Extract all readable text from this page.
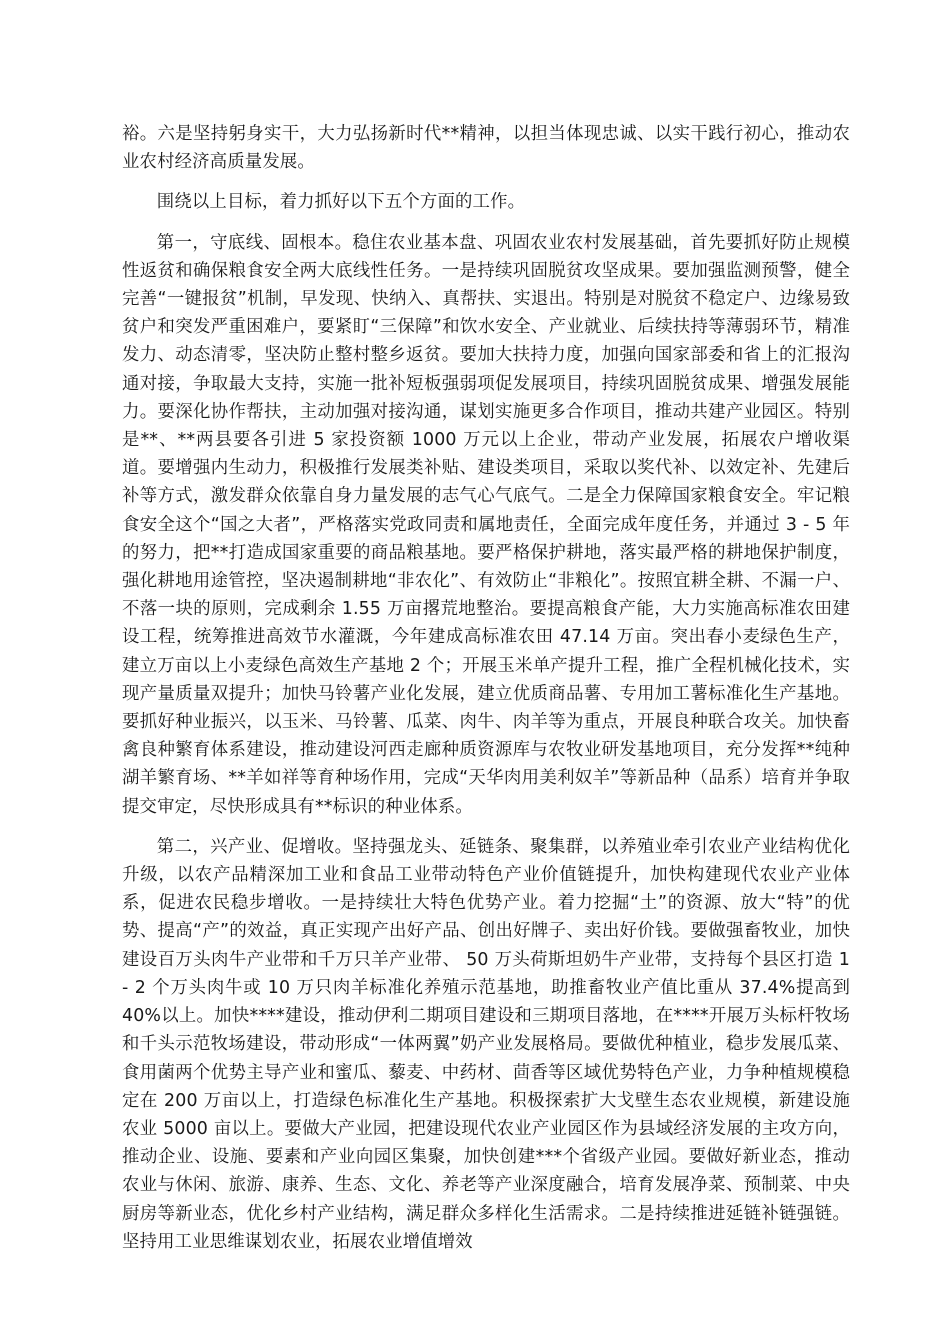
裕。六是坚持躬身实干，大力弘扬新时代**精神，以担当体现忠诚、以实干践行初心，推动农业农村经济高质量发展。

围绕以上目标，着力抓好以下五个方面的工作。

第一，守底线、固根本。稳住农业基本盘、巩固农业农村发展基础，首先要抓好防止规模性返贫和确保粮食安全两大底线性任务。一是持续巩固脱贫攻坚成果。要加强监测预警，健全完善“一键报贫”机制，早发现、快纳入、真帮扶、实退出。特别是对脱贫不稳定户、边缘易致贫户和突发严重困难户，要紧盯“三保障”和饮水安全、产业就业、后续扶持等薄弱环节，精准发力、动态清零，坚决防止整村整乡返贫。要加大扶持力度，加强向国家部委和省上的汇报沟通对接，争取最大支持，实施一批补短板强弱项促发展项目，持续巩固脱贫成果、增强发展能力。要深化协作帮扶，主动加强对接沟通，谋划实施更多合作项目，推动共建产业园区。特别是**、**两县要各引进 5 家投资额 1000 万元以上企业，带动产业发展，拓展农户增收渠道。要增强内生动力，积极推行发展类补贴、建设类项目，采取以奖代补、以效定补、先建后补等方式，激发群众依靠自身力量发展的志气心气底气。二是全力保障国家粮食安全。牢记粮食安全这个“国之大者”，严格落实党政同责和属地责任，全面完成年度任务，并通过 3 - 5 年的努力，把**打造成国家重要的商品粮基地。要严格保护耕地，落实最严格的耕地保护制度，强化耕地用途管控，坚决遏制耕地“非农化”、有效防止“非粮化”。按照宜耕全耕、不漏一户、不落一块的原则，完成剩余 1.55 万亩撂荒地整治。要提高粮食产能，大力实施高标准农田建设工程，统筹推进高效节水灌溉，今年建成高标准农田 47.14 万亩。突出春小麦绿色生产，建立万亩以上小麦绿色高效生产基地 2 个；开展玉米单产提升工程，推广全程机械化技术，实现产量质量双提升；加快马铃薯产业化发展，建立优质商品薯、专用加工薯标准化生产基地。要抓好种业振兴，以玉米、马铃薯、瓜菜、肉牛、肉羊等为重点，开展良种联合攻关。加快畜禽良种繁育体系建设，推动建设河西走廊种质资源库与农牧业研发基地项目，充分发挥**纯种湖羊繁育场、**羊如祥等育种场作用，完成“天华肉用美利奴羊”等新品种（品系）培育并争取提交审定，尽快形成具有**标识的种业体系。

第二，兴产业、促增收。坚持强龙头、延链条、聚集群，以养殖业牵引农业产业结构优化升级，以农产品精深加工业和食品工业带动特色产业价值链提升，加快构建现代农业产业体系，促进农民稳步增收。一是持续壮大特色优势产业。着力挖掘“土”的资源、放大“特”的优势、提高“产”的效益，真正实现产出好产品、创出好牌子、卖出好价钱。要做强畜牧业，加快建设百万头肉牛产业带和千万只羊产业带、 50 万头荷斯坦奶牛产业带，支持每个县区打造 1 - 2 个万头肉牛或 10 万只肉羊标准化养殖示范基地，助推畜牧业产值比重从 37.4%提高到 40%以上。加快****建设，推动伊利二期项目建设和三期项目落地，在****开展万头标杆牧场和千头示范牧场建设，带动形成“一体两翼”奶产业发展格局。要做优种植业，稳步发展瓜菜、食用菌两个优势主导产业和蜜瓜、藜麦、中药材、茴香等区域优势特色产业，力争种植规模稳定在 200 万亩以上，打造绿色标准化生产基地。积极探索扩大戈壁生态农业规模，新建设施农业 5000 亩以上。要做大产业园，把建设现代农业产业园区作为县域经济发展的主攻方向，推动企业、设施、要素和产业向园区集聚，加快创建***个省级产业园。要做好新业态，推动农业与休闲、旅游、康养、生态、文化、养老等产业深度融合，培育发展净菜、预制菜、中央厨房等新业态，优化乡村产业结构，满足群众多样化生活需求。二是持续推进延链补链强链。坚持用工业思维谋划农业，拓展农业增值增效
